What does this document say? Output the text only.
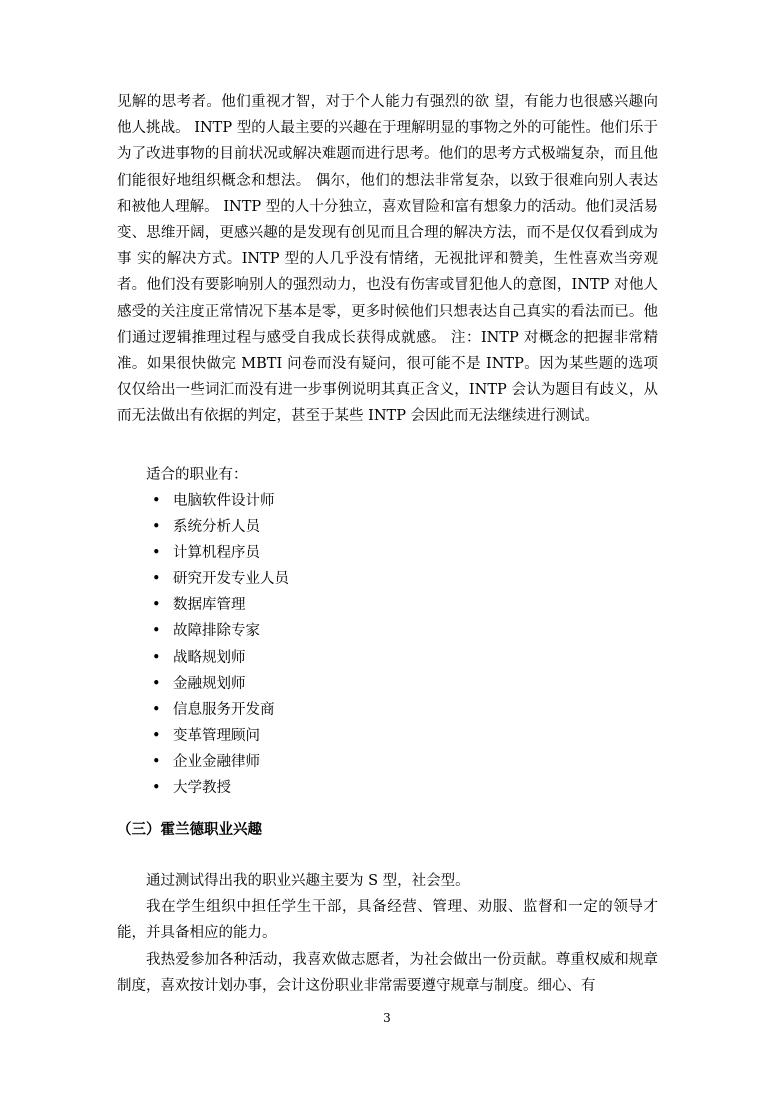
见解的思考者。他们重视才智，对于个人能力有强烈的欲 望，有能力也很感兴趣向他人挑战。 INTP 型的人最主要的兴趣在于理解明显的事物之外的可能性。他们乐于为了改进事物的目前状况或解决难题而进行思考。他们的思考方式极端复杂，而且他们能很好地组织概念和想法。 偶尔，他们的想法非常复杂，以致于很难向别人表达和被他人理解。 INTP 型的人十分独立，喜欢冒险和富有想象力的活动。他们灵活易变、思维开阔，更感兴趣的是发现有创见而且合理的解决方法，而不是仅仅看到成为事 实的解决方式。INTP 型的人几乎没有情绪，无视批评和赞美，生性喜欢当旁观者。他们没有要影响别人的强烈动力，也没有伤害或冒犯他人的意图，INTP 对他人感受的关注度正常情况下基本是零，更多时候他们只想表达自己真实的看法而已。他们通过逻辑推理过程与感受自我成长获得成就感。 注：INTP 对概念的把握非常精准。如果很快做完 MBTI 问卷而没有疑问，很可能不是 INTP。因为某些题的选项仅仅给出一些词汇而没有进一步事例说明其真正含义，INTP 会认为题目有歧义，从而无法做出有依据的判定，甚至于某些 INTP 会因此而无法继续进行测试。

适合的职业有：

• 电脑软件设计师
• 系统分析人员
• 计算机程序员
• 研究开发专业人员
• 数据库管理
• 故障排除专家
• 战略规划师
• 金融规划师
• 信息服务开发商
• 变革管理顾问
• 企业金融律师
• 大学教授

（三）霍兰德职业兴趣

通过测试得出我的职业兴趣主要为 S 型，社会型。

我在学生组织中担任学生干部，具备经营、管理、劝服、监督和一定的领导才能，并具备相应的能力。

我热爱参加各种活动，我喜欢做志愿者，为社会做出一份贡献。尊重权威和规章制度，喜欢按计划办事，会计这份职业非常需要遵守规章与制度。细心、有

3
